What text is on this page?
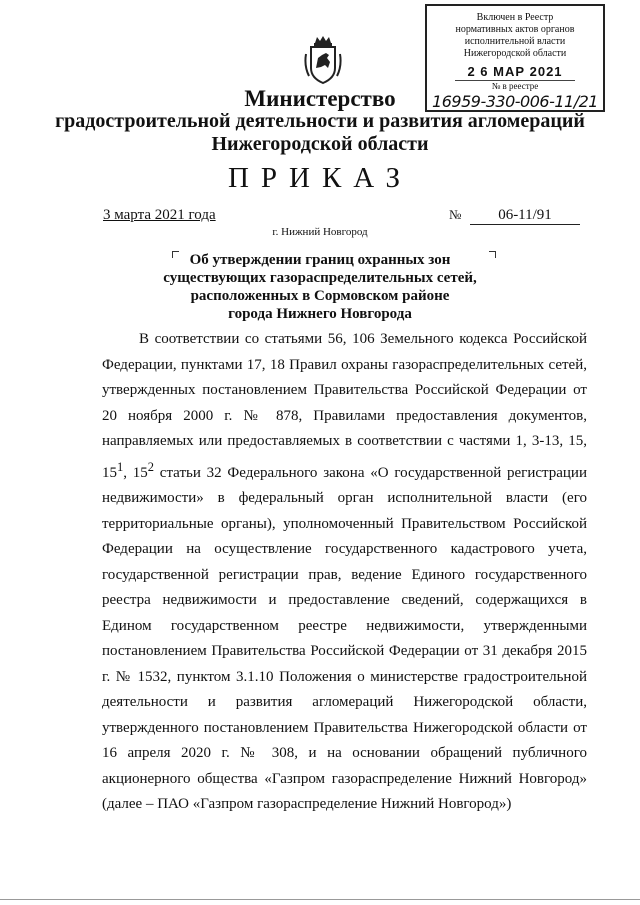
Включен в Реестр
нормативных актов органов
исполнительной власти
Нижегородской области
2 6 МАР 2021
№ в реестре
16959-330-006-11/21
Министерство
градостроительной деятельности и развития агломераций
Нижегородской области
ПРИКАЗ
3 марта 2021 года	№	06-11/91
г. Нижний Новгород
Об утверждении границ охранных зон
существующих газораспределительных сетей,
расположенных в Сормовском районе
города Нижнего Новгорода

В соответствии со статьями 56, 106 Земельного кодекса Российской Федерации, пунктами 17, 18 Правил охраны газораспределительных сетей, утвержденных постановлением Правительства Российской Федерации от 20 ноября 2000 г. № 878, Правилами предоставления документов, направляемых или предоставляемых в соответствии с частями 1, 3-13, 15, $15^1$, $15^2$ статьи 32 Федерального закона «О государственной регистрации недвижимости» в федеральный орган исполнительной власти (его территориальные органы), уполномоченный Правительством Российской Федерации на осуществление государственного кадастрового учета, государственной регистрации прав, ведение Единого государственного реестра недвижимости и предоставление сведений, содержащихся в Едином государственном реестре недвижимости, утвержденными постановлением Правительства Российской Федерации от 31 декабря 2015 г. № 1532, пунктом 3.1.10 Положения о министерстве градостроительной деятельности и развития агломераций Нижегородской области, утвержденного постановлением Правительства Нижегородской области от 16 апреля 2020 г. № 308, и на основании обращений публичного акционерного общества «Газпром газораспределение Нижний Новгород» (далее – ПАО «Газпром газораспределение Нижний Новгород»)
